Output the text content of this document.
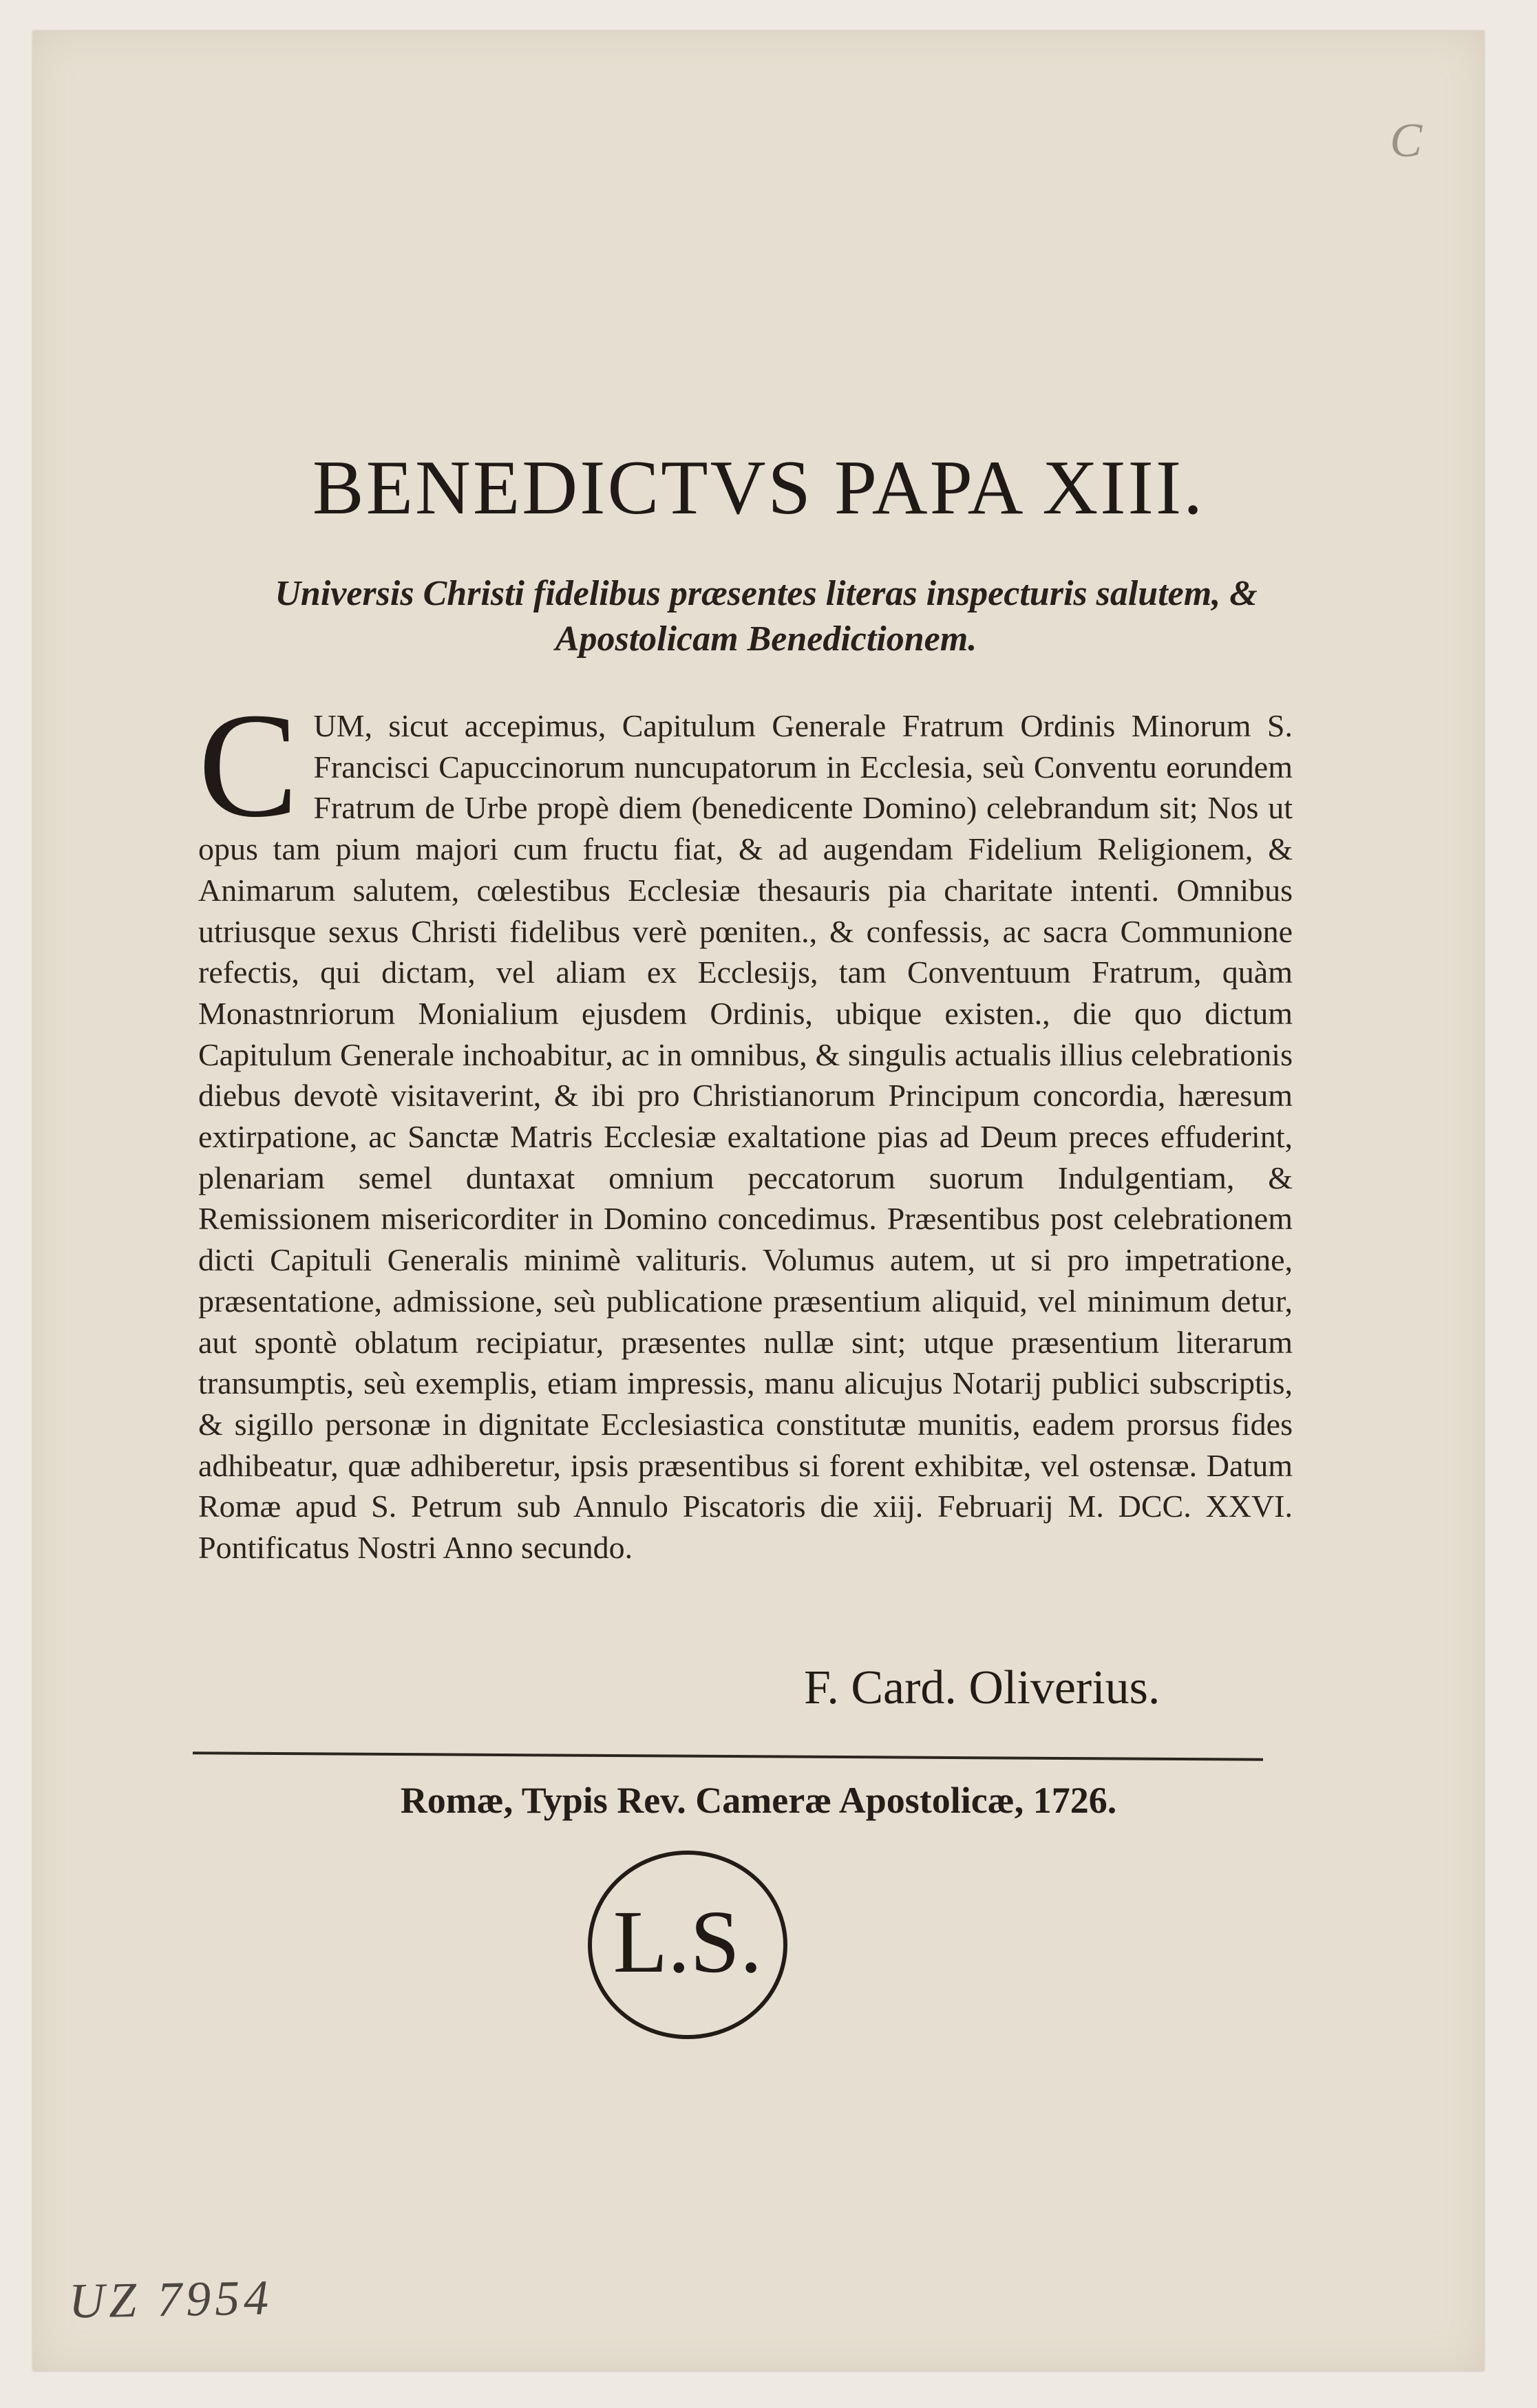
C
BENEDICTVS PAPA XIII.
Universis Christi fidelibus præsentes literas inspecturis salutem, & Apostolicam Benedictionem.
C UM, sicut accepimus, Capitulum Generale Fratrum Ordinis Minorum S. Francisci Capuccinorum nuncupatorum in Ecclesia, seù Conventu eorundem Fratrum de Urbe propè diem (benedicente Domino) celebrandum sit; Nos ut opus tam pium majori cum fructu fiat, & ad augendam Fidelium Religionem, & Animarum salutem, cœlestibus Ecclesiæ thesauris pia charitate intenti. Omnibus utriusque sexus Christi fidelibus verè pœniten., & confessis, ac sacra Communione refectis, qui dictam, vel aliam ex Ecclesijs, tam Conventuum Fratrum, quàm Monastnriorum Monialium ejusdem Ordinis, ubique existen., die quo dictum Capitulum Generale inchoabitur, ac in omnibus, & singulis actualis illius celebrationis diebus devotè visitaverint, & ibi pro Christianorum Principum concordia, hæresum extirpatione, ac Sanctæ Matris Ecclesiæ exaltatione pias ad Deum preces effuderint, plenariam semel duntaxat omnium peccatorum suorum Indulgentiam, & Remissionem misericorditer in Domino concedimus. Præsentibus post celebrationem dicti Capituli Generalis minimè valituris. Volumus autem, ut si pro impetratione, præsentatione, admissione, seù publicatione præsentium aliquid, vel minimum detur, aut spontè oblatum recipiatur, præsentes nullæ sint; utque præsentium literarum transumptis, seù exemplis, etiam impressis, manu alicujus Notarij publici subscriptis, & sigillo personæ in dignitate Ecclesiastica constitutæ munitis, eadem prorsus fides adhibeatur, quæ adhiberetur, ipsis præsentibus si forent exhibitæ, vel ostensæ. Datum Romæ apud S. Petrum sub Annulo Piscatoris die xiij. Februarij M. DCC. XXVI. Pontificatus Nostri Anno secundo.
F. Card. Oliverius.
Romæ, Typis Rev. Cameræ Apostolicæ, 1726.
L.S.
UZ 7954
